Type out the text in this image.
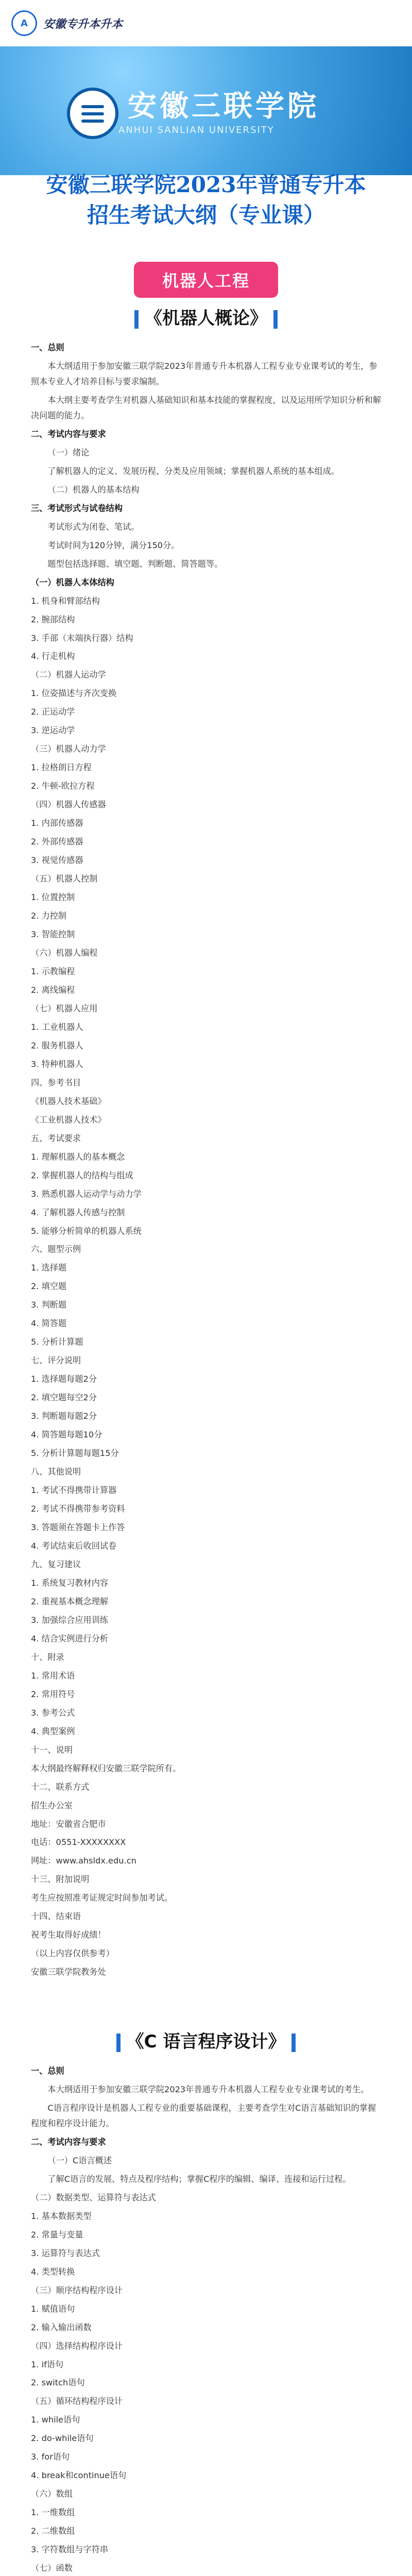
A	安徽专升本升本
安徽三联学院
ANHUI SANLIAN UNIVERSITY
安徽三联学院2023年普通专升本
招生考试大纲（专业课）
机器人工程
《机器人概论》

一、总则

本大纲适用于参加安徽三联学院2023年普通专升本机器人工程专业专业课考试的考生，参照本专业人才培养目标与要求编制。

本大纲主要考查学生对机器人基础知识和基本技能的掌握程度，以及运用所学知识分析和解决问题的能力。

二、考试内容与要求

（一）绪论

了解机器人的定义、发展历程、分类及应用领域；掌握机器人系统的基本组成。

（二）机器人的基本结构

三、考试形式与试卷结构

考试形式为闭卷、笔试。

考试时间为120分钟，满分150分。

题型包括选择题、填空题、判断题、简答题等。

（一）机器人本体结构

1. 机身和臂部结构

2. 腕部结构

3. 手部（末端执行器）结构

4. 行走机构

（二）机器人运动学

1. 位姿描述与齐次变换

2. 正运动学

3. 逆运动学

（三）机器人动力学

1. 拉格朗日方程

2. 牛顿-欧拉方程

（四）机器人传感器

1. 内部传感器

2. 外部传感器

3. 视觉传感器

（五）机器人控制

1. 位置控制

2. 力控制

3. 智能控制

（六）机器人编程

1. 示教编程

2. 离线编程

（七）机器人应用

1. 工业机器人

2. 服务机器人

3. 特种机器人

四、参考书目

《机器人技术基础》

《工业机器人技术》

五、考试要求

1. 理解机器人的基本概念

2. 掌握机器人的结构与组成

3. 熟悉机器人运动学与动力学

4. 了解机器人传感与控制

5. 能够分析简单的机器人系统

六、题型示例

1. 选择题

2. 填空题

3. 判断题

4. 简答题

5. 分析计算题

七、评分说明

1. 选择题每题2分

2. 填空题每空2分

3. 判断题每题2分

4. 简答题每题10分

5. 分析计算题每题15分

八、其他说明

1. 考试不得携带计算器

2. 考试不得携带参考资料

3. 答题须在答题卡上作答

4. 考试结束后收回试卷

九、复习建议

1. 系统复习教材内容

2. 重视基本概念理解

3. 加强综合应用训练

4. 结合实例进行分析

十、附录

1. 常用术语

2. 常用符号

3. 参考公式

4. 典型案例

十一、说明

本大纲最终解释权归安徽三联学院所有。

十二、联系方式

招生办公室

地址：安徽省合肥市

电话：0551-XXXXXXXX

网址：www.ahsldx.edu.cn

十三、附加说明

考生应按照准考证规定时间参加考试。

十四、结束语

祝考生取得好成绩！

（以上内容仅供参考）

安徽三联学院教务处

《C 语言程序设计》

一、总则

本大纲适用于参加安徽三联学院2023年普通专升本机器人工程专业专业课考试的考生。

C语言程序设计是机器人工程专业的重要基础课程，主要考查学生对C语言基础知识的掌握程度和程序设计能力。

二、考试内容与要求

（一）C语言概述

了解C语言的发展、特点及程序结构；掌握C程序的编辑、编译、连接和运行过程。

（二）数据类型、运算符与表达式

1. 基本数据类型

2. 常量与变量

3. 运算符与表达式

4. 类型转换

（三）顺序结构程序设计

1. 赋值语句

2. 输入输出函数

（四）选择结构程序设计

1. if语句

2. switch语句

（五）循环结构程序设计

1. while语句

2. do-while语句

3. for语句

4. break和continue语句

（六）数组

1. 一维数组

2. 二维数组

3. 字符数组与字符串

（七）函数
